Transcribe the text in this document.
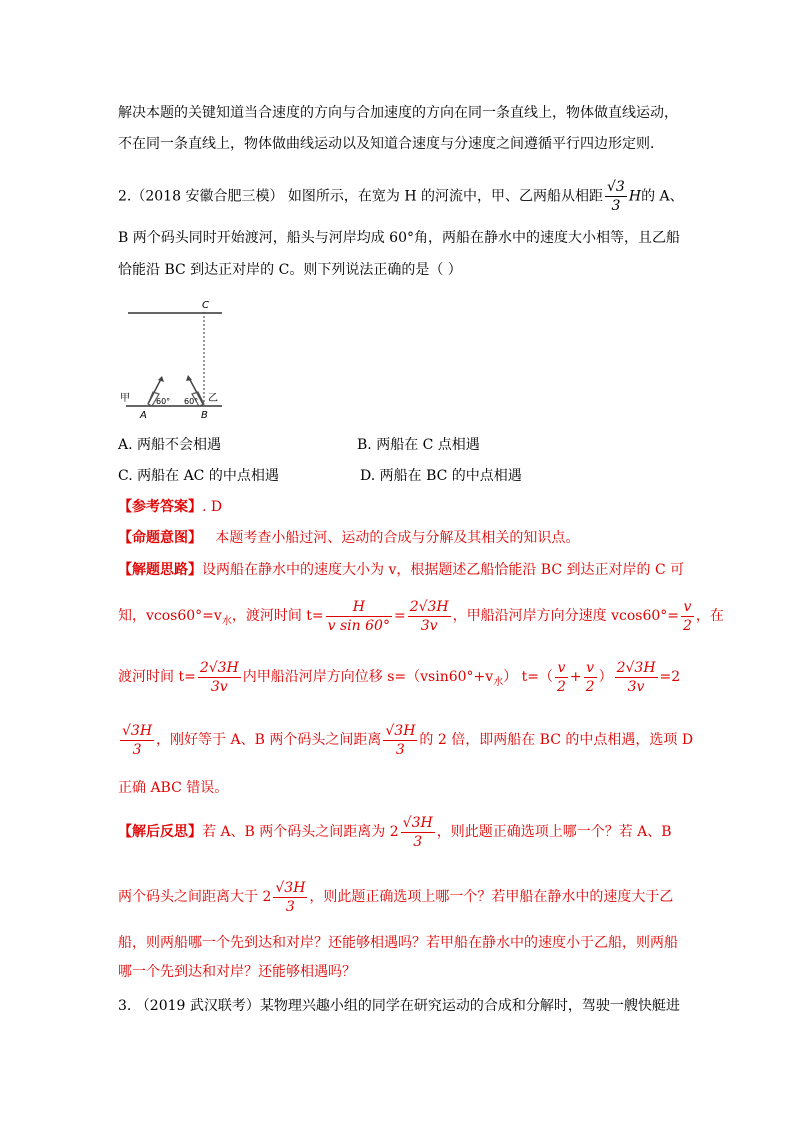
解决本题的关键知道当合速度的方向与合加速度的方向在同一条直线上，物体做直线运动，
不在同一条直线上，物体做曲线运动以及知道合速度与分速度之间遵循平行四边形定则．
2.（2018 安徽合肥三模） 如图所示，在宽为 H 的河流中，甲、乙两船从相距 $\frac{√3}{3}$ H的 A、
B 两个码头同时开始渡河，船头与河岸均成 60°角，两船在静水中的速度大小相等，且乙船
恰能沿 BC 到达正对岸的 C。则下列说法正确的是（ ）
C
A	B
甲	乙
60° 60°
A. 两船不会相遇	B. 两船在 C 点相遇
C. 两船在 AC 的中点相遇	D. 两船在 BC 的中点相遇
【参考答案】. D
【命题意图】 本题考查小船过河、运动的合成与分解及其相关的知识点。
【解题思路】设两船在静水中的速度大小为 v，根据题述乙船恰能沿 BC 到达正对岸的 C 可
知，$vcos60^\circ=v_水$，渡河时间 $t= \frac{H}{\text{v sin 60°}} = \frac{2√3H}{3v}$ ，甲船沿河岸方向分速度 $vcos60^\circ= \frac{v}{2}$ ，在
渡河时间 $t= \frac{2√3H}{3v}$ 内甲船沿河岸方向位移 $s=(vsin60^\circ+v_水)$ $t=( \frac{v}{2} + \frac{v}{2}$ ） $\frac{2√3H}{3v} =2$
$\frac{√3H}{3}$ ，刚好等于 A、B 两个码头之间距离 $\frac{√3H}{3}$ 的 2 倍，即两船在 BC 的中点相遇，选项 D
正确 ABC 错误。
【解后反思】若 A、B 两个码头之间距离为 $2 \frac{√3H}{3}$ ，则此题正确选项上哪一个？若 A、B
两个码头之间距离大于 $2 \frac{√3H}{3}$ ，则此题正确选项上哪一个？若甲船在静水中的速度大于乙
船，则两船哪一个先到达和对岸？还能够相遇吗？若甲船在静水中的速度小于乙船，则两船
哪一个先到达和对岸？还能够相遇吗？
3. （2019 武汉联考）某物理兴趣小组的同学在研究运动的合成和分解时，驾驶一艘快艇进
